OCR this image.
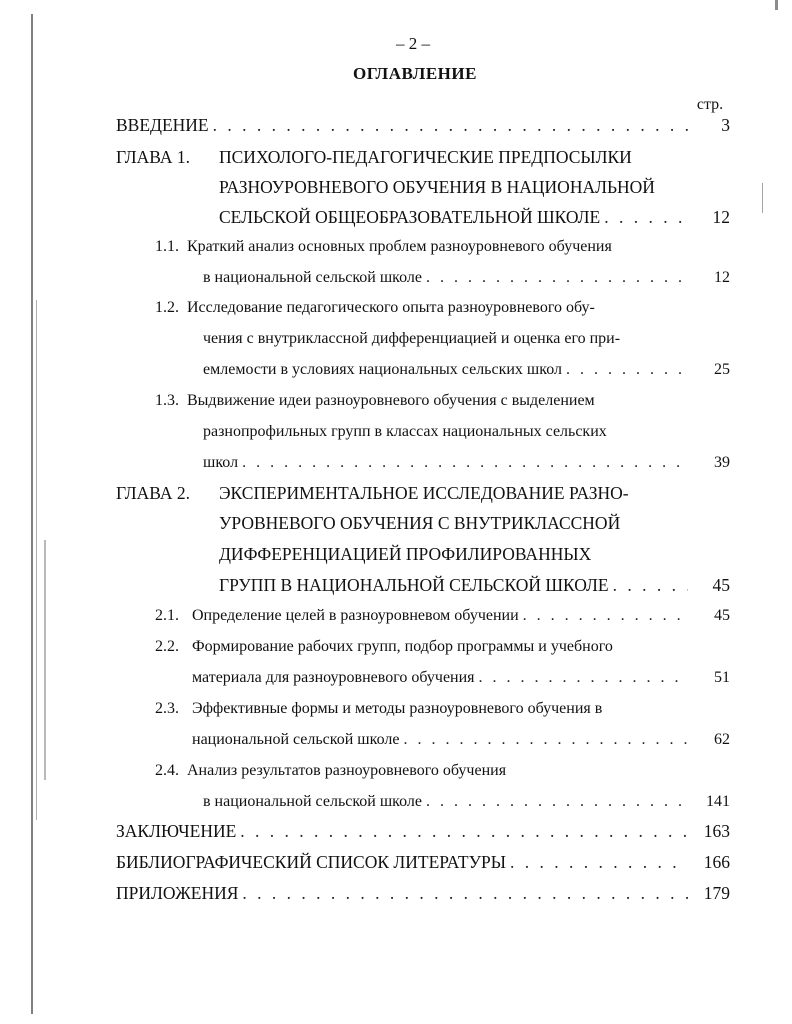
– 2 –
ОГЛАВЛЕНИЕ
стр.
ВВЕДЕНИЕ . . .	3
ГЛАВА 1. ПСИХОЛОГО-ПЕДАГОГИЧЕСКИЕ ПРЕДПОСЫЛКИ
РАЗНОУРОВНЕВОГО ОБУЧЕНИЯ В НАЦИОНАЛЬНОЙ
СЕЛЬСКОЙ ОБЩЕОБРАЗОВАТЕЛЬНОЙ ШКОЛЕ . . .	12
1.1. Краткий анализ основных проблем разноуровневого обучения
в национальной сельской школе . . .	12
1.2. Исследование педагогического опыта разноуровневого обу-
чения с внутриклассной дифференциацией и оценка его при-
емлемости в условиях национальных сельских школ . . .	25
1.3. Выдвижение идеи разноуровневого обучения с выделением
разнопрофильных групп в классах национальных сельских
школ . . .	39
ГЛАВА 2. ЭКСПЕРИМЕНТАЛЬНОЕ ИССЛЕДОВАНИЕ РАЗНО-
УРОВНЕВОГО ОБУЧЕНИЯ С ВНУТРИКЛАССНОЙ
ДИФФЕРЕНЦИАЦИЕЙ ПРОФИЛИРОВАННЫХ
ГРУПП В НАЦИОНАЛЬНОЙ СЕЛЬСКОЙ ШКОЛЕ . . .	45
2.1. Определение целей в разноуровневом обучении . . .	45
2.2. Формирование рабочих групп, подбор программы и учебного
материала для разноуровневого обучения . . .	51
2.3. Эффективные формы и методы разноуровневого обучения в
национальной сельской школе . . .	62
2.4. Анализ результатов разноуровневого обучения
в национальной сельской школе . . .	141
ЗАКЛЮЧЕНИЕ . . .	163
БИБЛИОГРАФИЧЕСКИЙ СПИСОК ЛИТЕРАТУРЫ . . .	166
ПРИЛОЖЕНИЯ . . .	179
